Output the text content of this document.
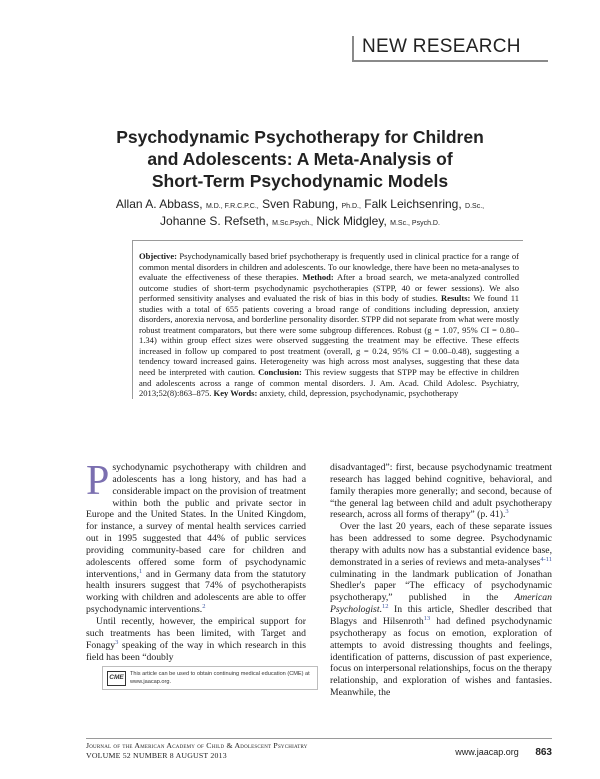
NEW RESEARCH
Psychodynamic Psychotherapy for Children
and Adolescents: A Meta-Analysis of
Short-Term Psychodynamic Models
Allan A. Abbass, M.D., F.R.C.P.C., Sven Rabung, Ph.D., Falk Leichsenring, D.Sc.,
Johanne S. Refseth, M.Sc.Psych., Nick Midgley, M.Sc., Psych.D.
Objective: Psychodynamically based brief psychotherapy is frequently used in clinical practice for a range of common mental disorders in children and adolescents. To our knowledge, there have been no meta-analyses to evaluate the effectiveness of these therapies. Method: After a broad search, we meta-analyzed controlled outcome studies of short-term psychodynamic psychotherapies (STPP, 40 or fewer sessions). We also performed sensitivity analyses and evaluated the risk of bias in this body of studies. Results: We found 11 studies with a total of 655 patients covering a broad range of conditions including depression, anxiety disorders, anorexia nervosa, and borderline personality disorder. STPP did not separate from what were mostly robust treatment comparators, but there were some subgroup differences. Robust (g = 1.07, 95% CI = 0.80–1.34) within group effect sizes were observed suggesting the treatment may be effective. These effects increased in follow up compared to post treatment (overall, g = 0.24, 95% CI = 0.00–0.48), suggesting a tendency toward increased gains. Heterogeneity was high across most analyses, suggesting that these data need be interpreted with caution. Conclusion: This review suggests that STPP may be effective in children and adolescents across a range of common mental disorders. J. Am. Acad. Child Adolesc. Psychiatry, 2013;52(8):863–875. Key Words: anxiety, child, depression, psychodynamic, psychotherapy

Psychodynamic psychotherapy with children and adolescents has a long history, and has had a considerable impact on the provision of treatment within both the public and private sector in Europe and the United States. In the United Kingdom, for instance, a survey of mental health services carried out in 1995 suggested that 44% of public services providing community-based care for children and adolescents offered some form of psychodynamic interventions,$^1$ and in Germany data from the statutory health insurers suggest that 74% of psychotherapists working with children and adolescents are able to offer psychodynamic interventions.$^2$

Until recently, however, the empirical support for such treatments has been limited, with Target and Fonagy$^3$ speaking of the way in which research in this field has been “doubly

disadvantaged”: first, because psychodynamic treatment research has lagged behind cognitive, behavioral, and family therapies more generally; and second, because of “the general lag between child and adult psychotherapy research, across all forms of therapy” (p. 41).$^3$

Over the last 20 years, each of these separate issues has been addressed to some degree. Psychodynamic therapy with adults now has a substantial evidence base, demonstrated in a series of reviews and meta-analyses$^{4-11}$ culminating in the landmark publication of Jonathan Shedler's paper “The efficacy of psychodynamic psychotherapy,” published in the American Psychologist.$^{12}$ In this article, Shedler described that Blagys and Hilsenroth$^{13}$ had defined psychodynamic psychotherapy as focus on emotion, exploration of attempts to avoid distressing thoughts and feelings, identification of patterns, discussion of past experience, focus on interpersonal relationships, focus on the therapy relationship, and exploration of wishes and fantasies. Meanwhile, the

CME	This article can be used to obtain continuing medical education (CME) at www.jaacap.org.
Journal of the American Academy of Child & Adolescent Psychiatry
VOLUME 52 NUMBER 8 AUGUST 2013	www.jaacap.org 863
